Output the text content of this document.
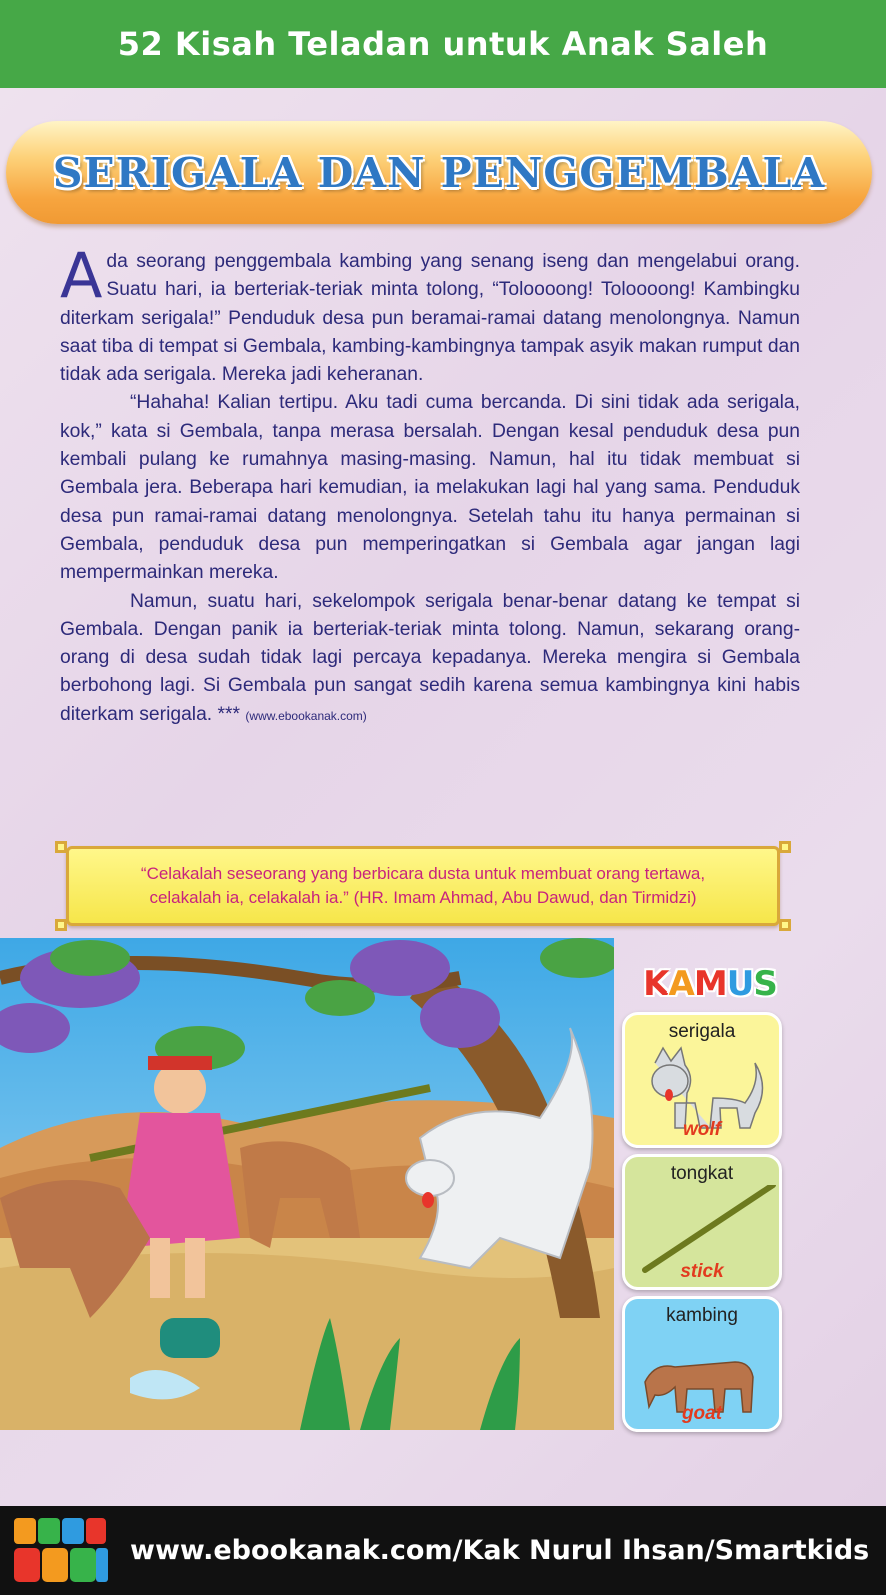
52 Kisah Teladan untuk Anak Saleh
SERIGALA DAN PENGGEMBALA

Ada seorang penggembala kambing yang senang iseng dan mengelabui orang. Suatu hari, ia berteriak-teriak minta tolong, “Toloooong! Toloooong! Kambingku diterkam serigala!” Penduduk desa pun beramai-ramai datang menolongnya. Namun saat tiba di tempat si Gembala, kambing-kambingnya tampak asyik makan rumput dan tidak ada serigala. Mereka jadi keheranan.

“Hahaha! Kalian tertipu. Aku tadi cuma bercanda. Di sini tidak ada serigala, kok,” kata si Gembala, tanpa merasa bersalah. Dengan kesal penduduk desa pun kembali pulang ke rumahnya masing-masing. Namun, hal itu tidak membuat si Gembala jera. Beberapa hari kemudian, ia melakukan lagi hal yang sama. Penduduk desa pun ramai-ramai datang menolongnya. Setelah tahu itu hanya permainan si Gembala, penduduk desa pun memperingatkan si Gembala agar jangan lagi mempermainkan mereka.

Namun, suatu hari, sekelompok serigala benar-benar datang ke tempat si Gembala. Dengan panik ia berteriak-teriak minta tolong. Namun, sekarang orang-orang di desa sudah tidak lagi percaya kepadanya. Mereka mengira si Gembala berbohong lagi. Si Gembala pun sangat sedih karena semua kambingnya kini habis diterkam serigala. *** (www.ebookanak.com)

“Celakalah seseorang yang berbicara dusta untuk membuat orang tertawa,
celakalah ia, celakalah ia.” (HR. Imam Ahmad, Abu Dawud, dan Tirmidzi)
KAMUS
serigala
wolf
tongkat
stick
kambing
goat
www.ebookanak.com/Kak Nurul Ihsan/Smartkids
